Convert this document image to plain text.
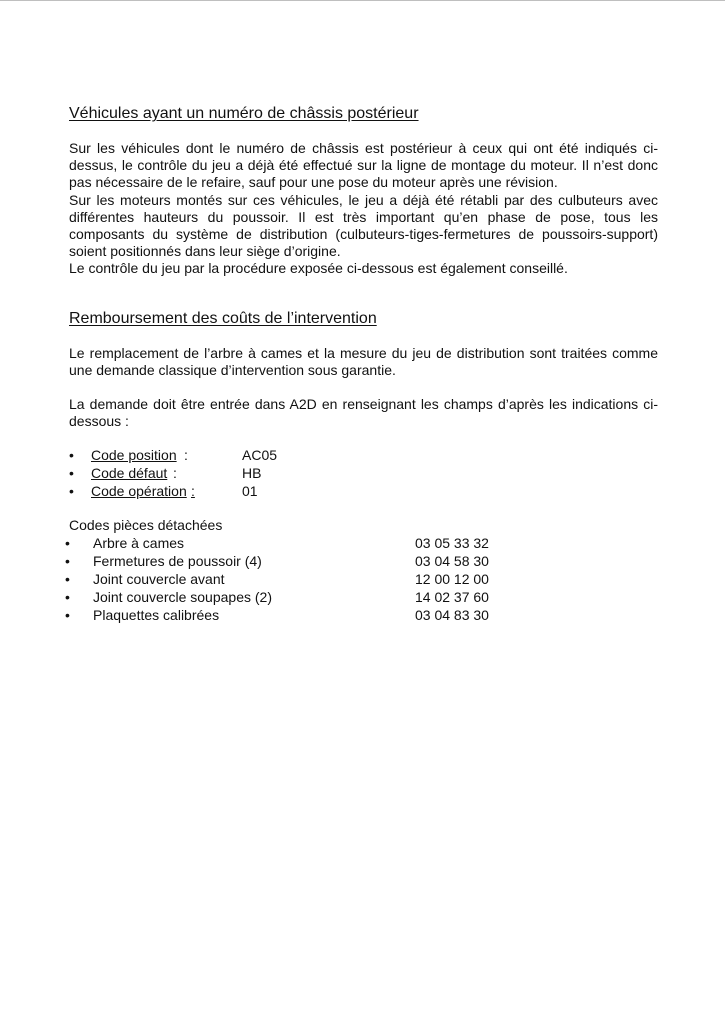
Véhicules ayant un numéro de châssis postérieur
Sur les véhicules dont le numéro de châssis est postérieur à ceux qui ont été indiqués ci-dessus, le contrôle du jeu a déjà été effectué sur la ligne de montage du moteur. Il n’est donc pas nécessaire de le refaire, sauf pour une pose du moteur après une révision.
Sur les moteurs montés sur ces véhicules, le jeu a déjà été rétabli par des culbuteurs avec différentes hauteurs du poussoir. Il est très important qu’en phase de pose, tous les composants du système de distribution (culbuteurs-tiges-fermetures de poussoirs-support) soient positionnés dans leur siège d’origine.
Le contrôle du jeu par la procédure exposée ci-dessous est également conseillé.
Remboursement des coûts de l’intervention

Le remplacement de l’arbre à cames et la mesure du jeu de distribution sont traitées comme une demande classique d’intervention sous garantie.

La demande doit être entrée dans A2D en renseignant les champs d’après les indications ci-dessous :

• Code position :	AC05
• Code défaut :	HB
• Code opération :	01
Codes pièces détachées
• Arbre à cames	03 05 33 32
• Fermetures de poussoir (4)	03 04 58 30
• Joint couvercle avant	12 00 12 00
• Joint couvercle soupapes (2)	14 02 37 60
• Plaquettes calibrées	03 04 83 30
